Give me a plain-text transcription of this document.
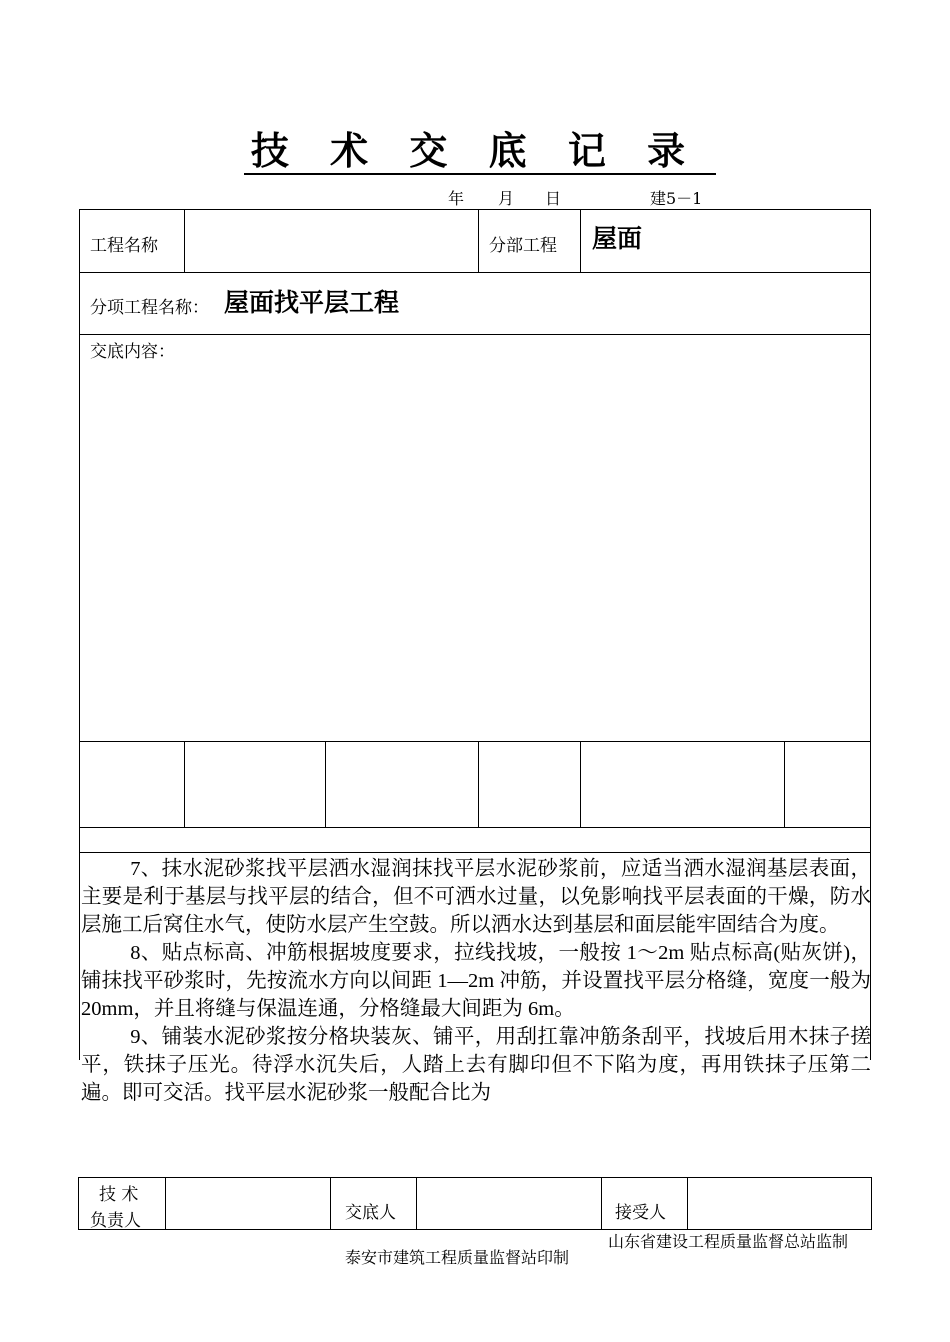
技 术 交 底 记 录
年 月 日	建5－1
工程名称	分部工程 屋面
分项工程名称： 屋面找平层工程
交底内容：

7、抹水泥砂浆找平层洒水湿润抹找平层水泥砂浆前，应适当洒水湿润基层表面，主要是利于基层与找平层的结合，但不可洒水过量，以免影响找平层表面的干燥，防水层施工后窝住水气，使防水层产生空鼓。所以洒水达到基层和面层能牢固结合为度。

8、贴点标高、冲筋根据坡度要求，拉线找坡，一般按 1～2m 贴点标高(贴灰饼)，铺抹找平砂浆时，先按流水方向以间距 1—2m 冲筋，并设置找平层分格缝，宽度一般为 20mm，并且将缝与保温连通，分格缝最大间距为 6m。

9、铺装水泥砂浆按分格块装灰、铺平，用刮扛靠冲筋条刮平，找坡后用木抹子搓平，铁抹子压光。待浮水沉失后，人踏上去有脚印但不下陷为度，再用铁抹子压第二遍。即可交活。找平层水泥砂浆一般配合比为

技 术
负责人	交底人	接受人
山东省建设工程质量监督总站监制
泰安市建筑工程质量监督站印制
